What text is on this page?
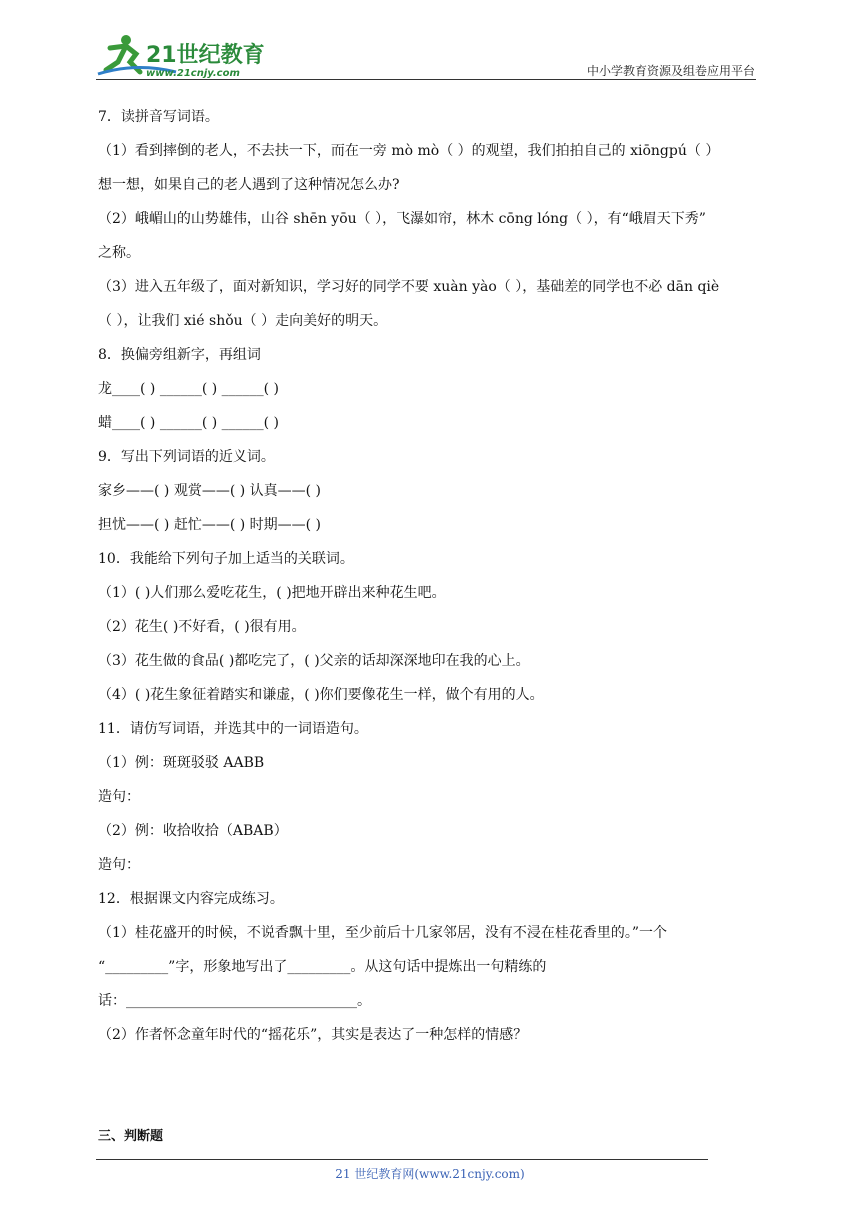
21世纪教育
www.21cnjy.com	中小学教育资源及组卷应用平台
7．读拼音写词语。
（1）看到摔倒的老人，不去扶一下，而在一旁 mò mò（ ）的观望，我们拍拍自己的 xiōngpú（ ）
想一想，如果自己的老人遇到了这种情况怎么办?
（2）峨嵋山的山势雄伟，山谷 shēn yōu（ ），飞瀑如帘，林木 cōng lóng（ ），有“峨眉天下秀”
之称。
（3）进入五年级了，面对新知识，学习好的同学不要 xuàn yào（ ），基础差的同学也不必 dān qiè
（ ），让我们 xié shǒu（ ）走向美好的明天。
8．换偏旁组新字，再组词
龙____( ) ______( ) ______( )
蜡____( ) ______( ) ______( )
9．写出下列词语的近义词。
家乡——( ) 观赏——( ) 认真——( )
担忧——( ) 赶忙——( ) 时期——( )
10．我能给下列句子加上适当的关联词。
（1）( )人们那么爱吃花生，( )把地开辟出来种花生吧。
（2）花生( )不好看，( )很有用。
（3）花生做的食品( )都吃完了，( )父亲的话却深深地印在我的心上。
（4）( )花生象征着踏实和谦虚，( )你们要像花生一样，做个有用的人。
11．请仿写词语，并选其中的一词语造句。
（1）例：斑斑驳驳 AABB
造句：
（2）例：收拾收拾（ABAB）
造句：
12．根据课文内容完成练习。
（1）桂花盛开的时候，不说香飘十里，至少前后十几家邻居，没有不浸在桂花香里的。”一个
“_________”字，形象地写出了_________。从这句话中提炼出一句精练的
话：_________________________________。
（2）作者怀念童年时代的“摇花乐”，其实是表达了一种怎样的情感？
三、判断题
21 世纪教育网(www.21cnjy.com)
